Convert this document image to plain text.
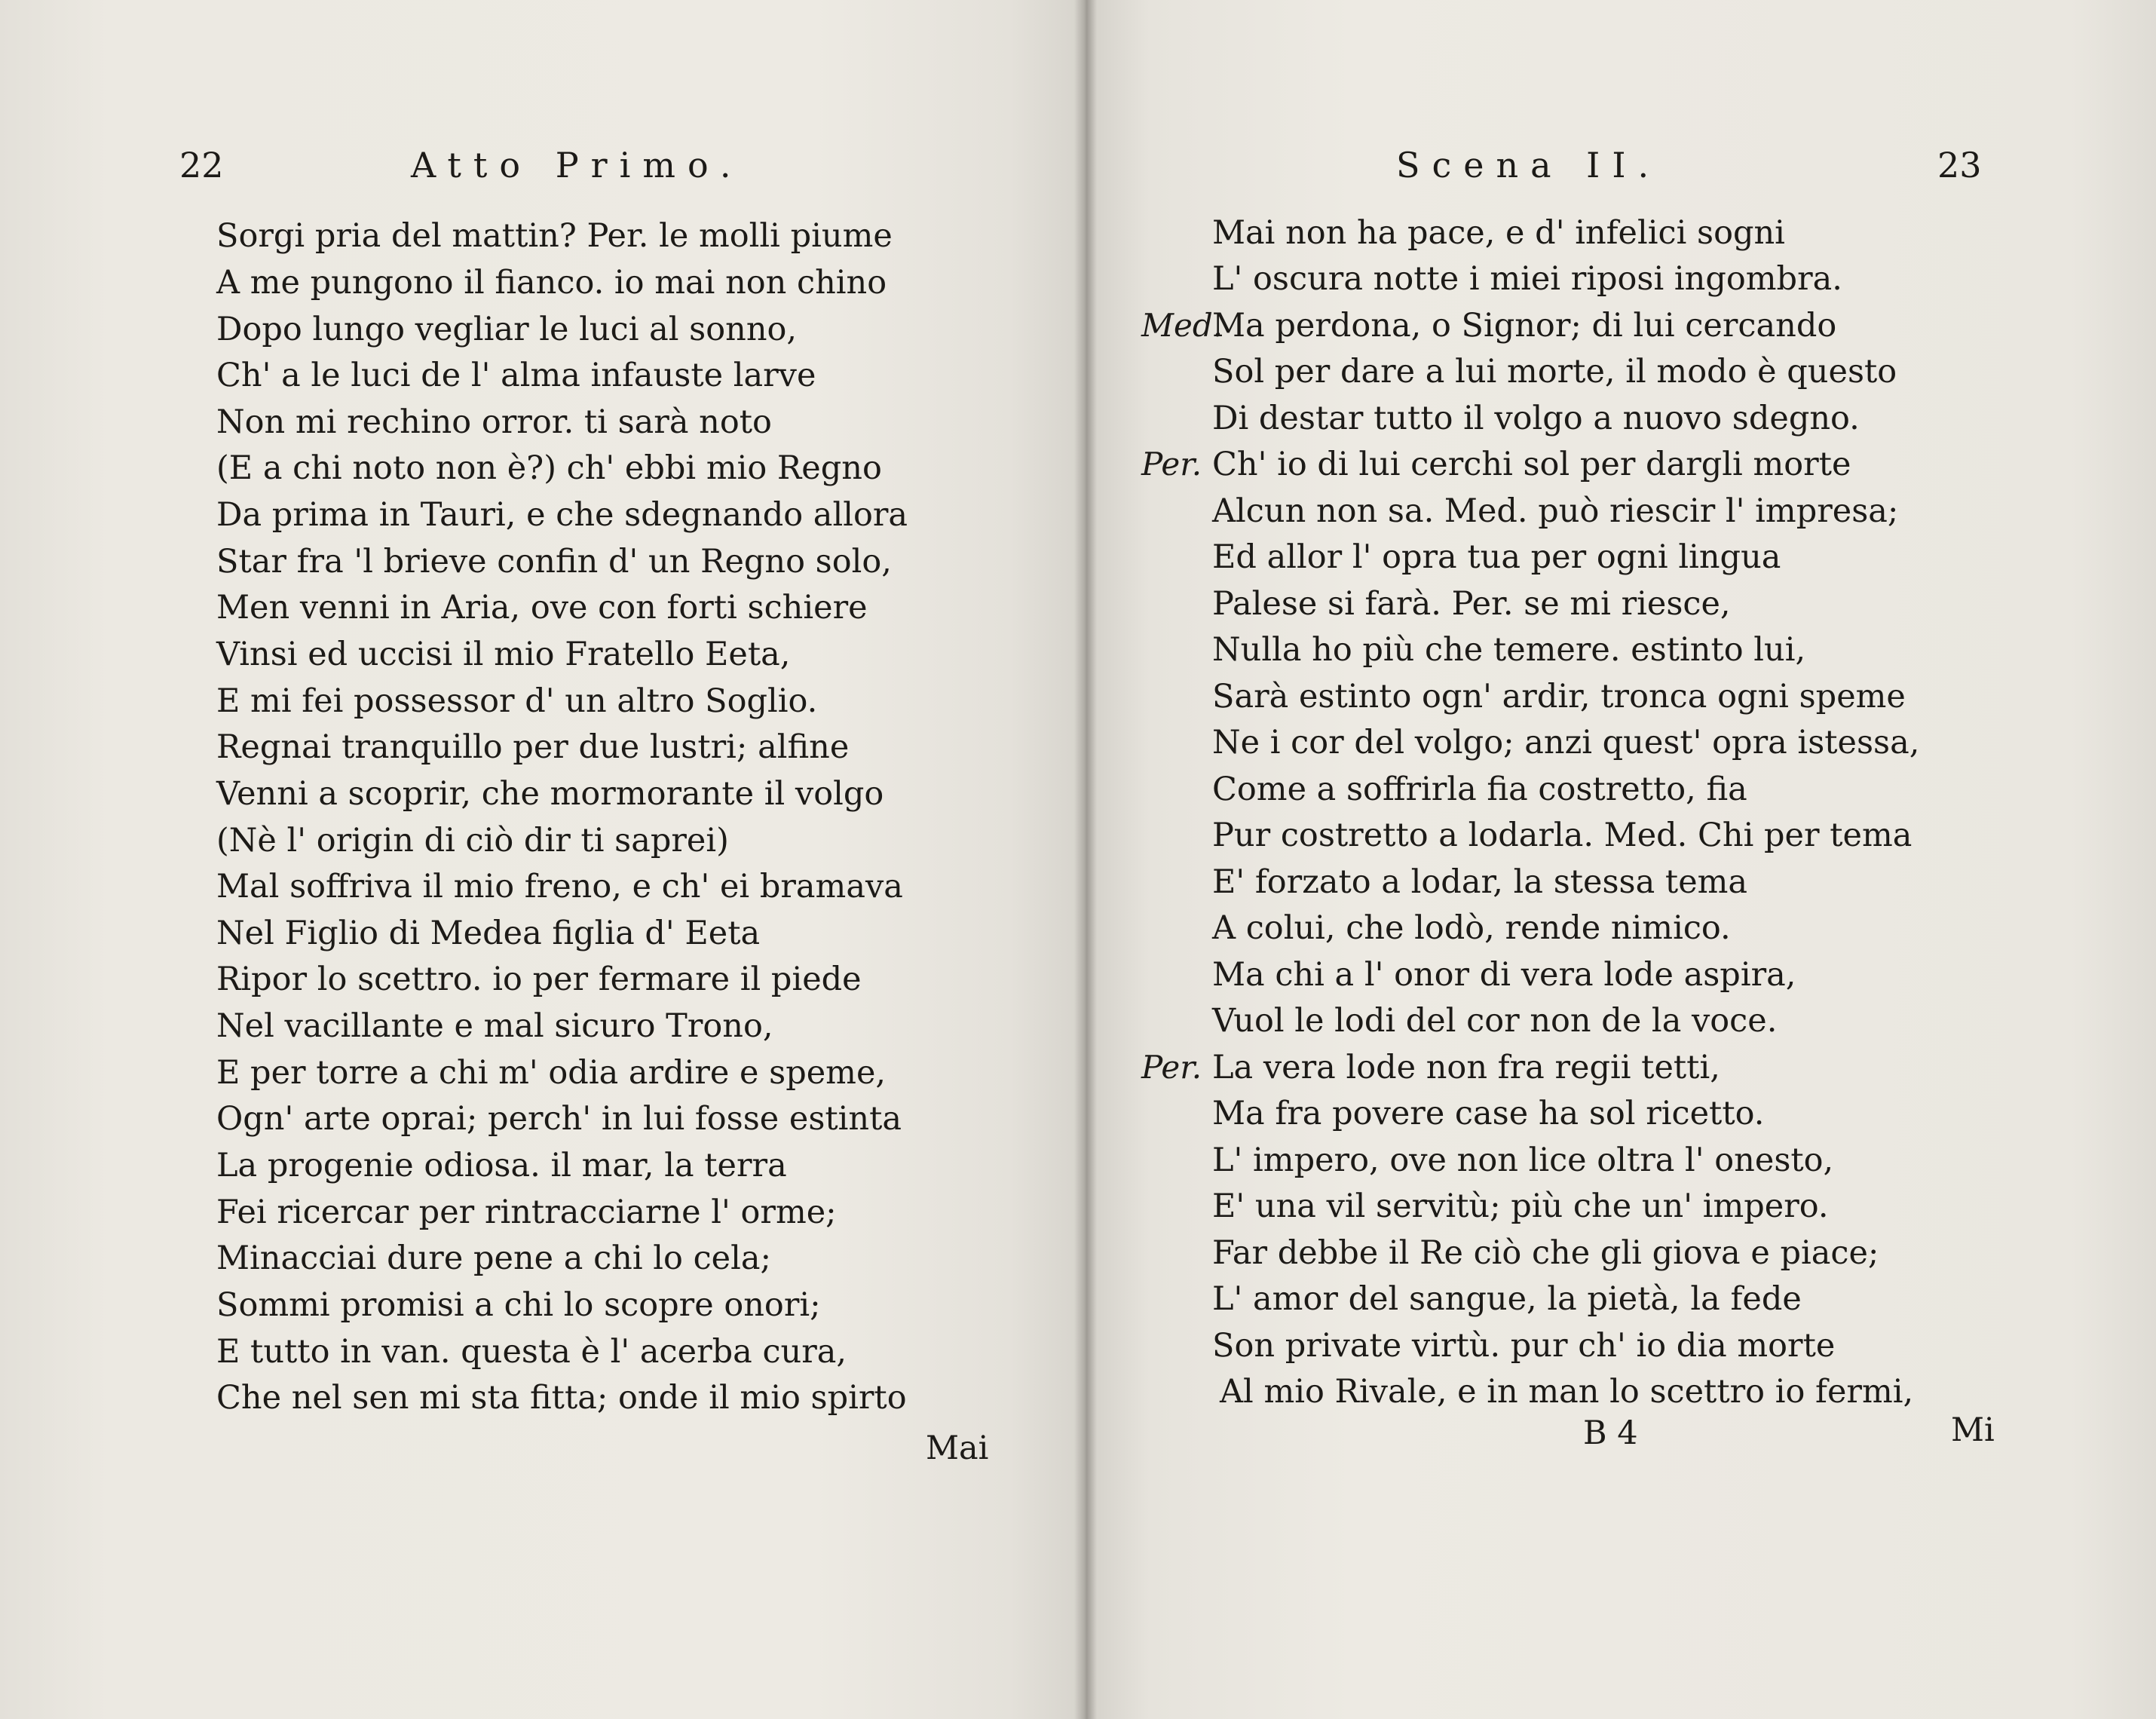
22	Atto Primo.
Sorgi pria del mattin? Per. le molli piume
A me pungono il fianco. io mai non chino
Dopo lungo vegliar le luci al sonno,
Ch' a le luci de l' alma infauste larve
Non mi rechino orror. ti sarà noto
(E a chi noto non è?) ch' ebbi mio Regno
Da prima in Tauri, e che sdegnando allora
Star fra 'l brieve confin d' un Regno solo,
Men venni in Aria, ove con forti schiere
Vinsi ed uccisi il mio Fratello Eeta,
E mi fei possessor d' un altro Soglio.
Regnai tranquillo per due lustri; alfine
Venni a scoprir, che mormorante il volgo
(Nè l' origin di ciò dir ti saprei)
Mal soffriva il mio freno, e ch' ei bramava
Nel Figlio di Medea figlia d' Eeta
Ripor lo scettro. io per fermare il piede
Nel vacillante e mal sicuro Trono,
E per torre a chi m' odia ardire e speme,
Ogn' arte oprai; perch' in lui fosse estinta
La progenie odiosa. il mar, la terra
Fei ricercar per rintracciarne l' orme;
Minacciai dure pene a chi lo cela;
Sommi promisi a chi lo scopre onori;
E tutto in van. questa è l' acerba cura,
Che nel sen mi sta fitta; onde il mio spirto
Mai
Scena II.	23
Mai non ha pace, e d' infelici sogni
L' oscura notte i miei riposi ingombra.
Med.
Ma perdona, o Signor; di lui cercando
Sol per dare a lui morte, il modo è questo
Di destar tutto il volgo a nuovo sdegno.
Per. Ch' io di lui cerchi sol per dargli morte
Alcun non sa. Med. può riescir l' impresa;
Ed allor l' opra tua per ogni lingua
Palese si farà. Per. se mi riesce,
Nulla ho più che temere. estinto lui,
Sarà estinto ogn' ardir, tronca ogni speme
Ne i cor del volgo; anzi quest' opra istessa,
Come a soffrirla fia costretto, fia
Pur costretto a lodarla. Med. Chi per tema
E' forzato a lodar, la stessa tema
A colui, che lodò, rende nimico.
Ma chi a l' onor di vera lode aspira,
Vuol le lodi del cor non de la voce.
Per. La vera lode non fra regii tetti,
Ma fra povere case ha sol ricetto.
L' impero, ove non lice oltra l' onesto,
E' una vil servitù; più che un' impero.
Far debbe il Re ciò che gli giova e piace;
L' amor del sangue, la pietà, la fede
Son private virtù. pur ch' io dia morte
Al mio Rivale, e in man lo scettro io fermi,
B 4	Mi
